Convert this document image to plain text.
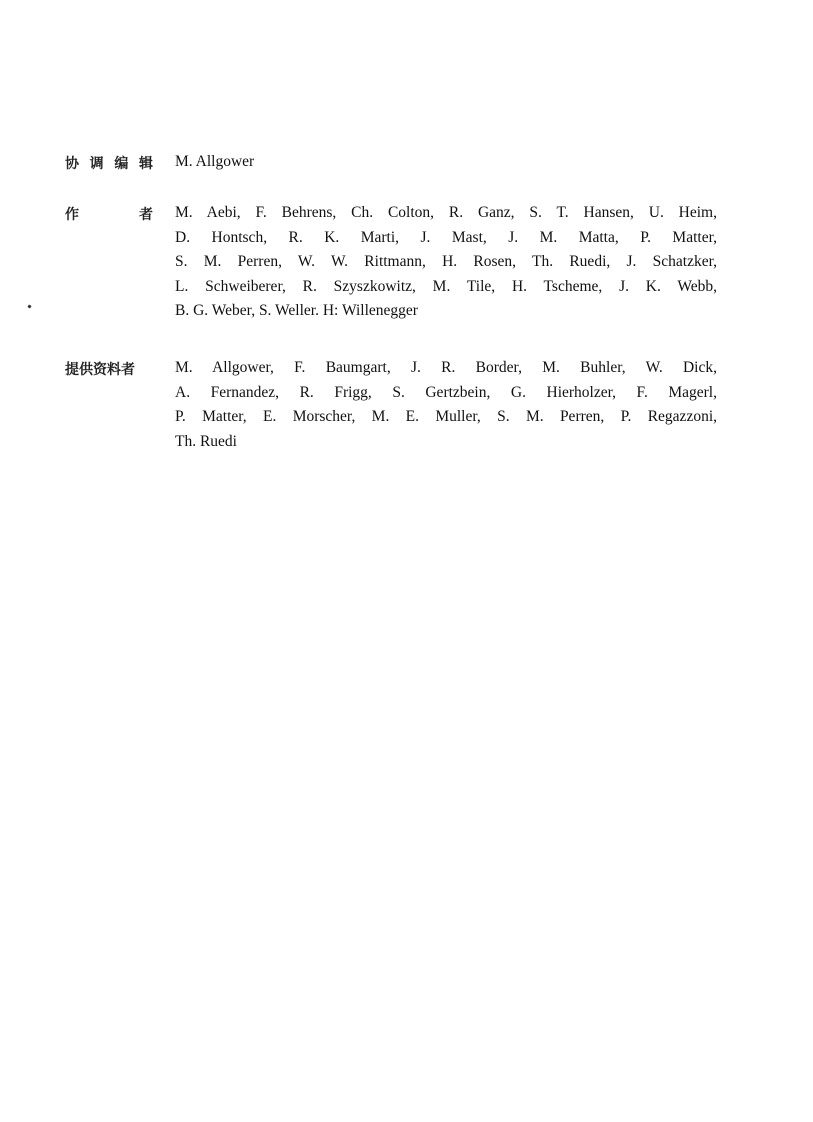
协 调 编 辑 M. Allgower
作	者 M. Aebi, F. Behrens, Ch. Colton, R. Ganz, S. T. Hansen, U. Heim,
D. Hontsch, R. K. Marti, J. Mast, J. M. Matta, P. Matter,
S. M. Perren, W. W. Rittmann, H. Rosen, Th. Ruedi, J. Schatzker,
L. Schweiberer, R. Szyszkowitz, M. Tile, H. Tscheme, J. K. Webb,
B. G. Weber, S. Weller. H: Willenegger
提供资料者	M. Allgower, F. Baumgart, J. R. Border, M. Buhler, W. Dick,
A. Fernandez, R. Frigg, S. Gertzbein, G. Hierholzer, F. Magerl,
P. Matter, E. Morscher, M. E. Muller, S. M. Perren, P. Regazzoni,
Th. Ruedi
